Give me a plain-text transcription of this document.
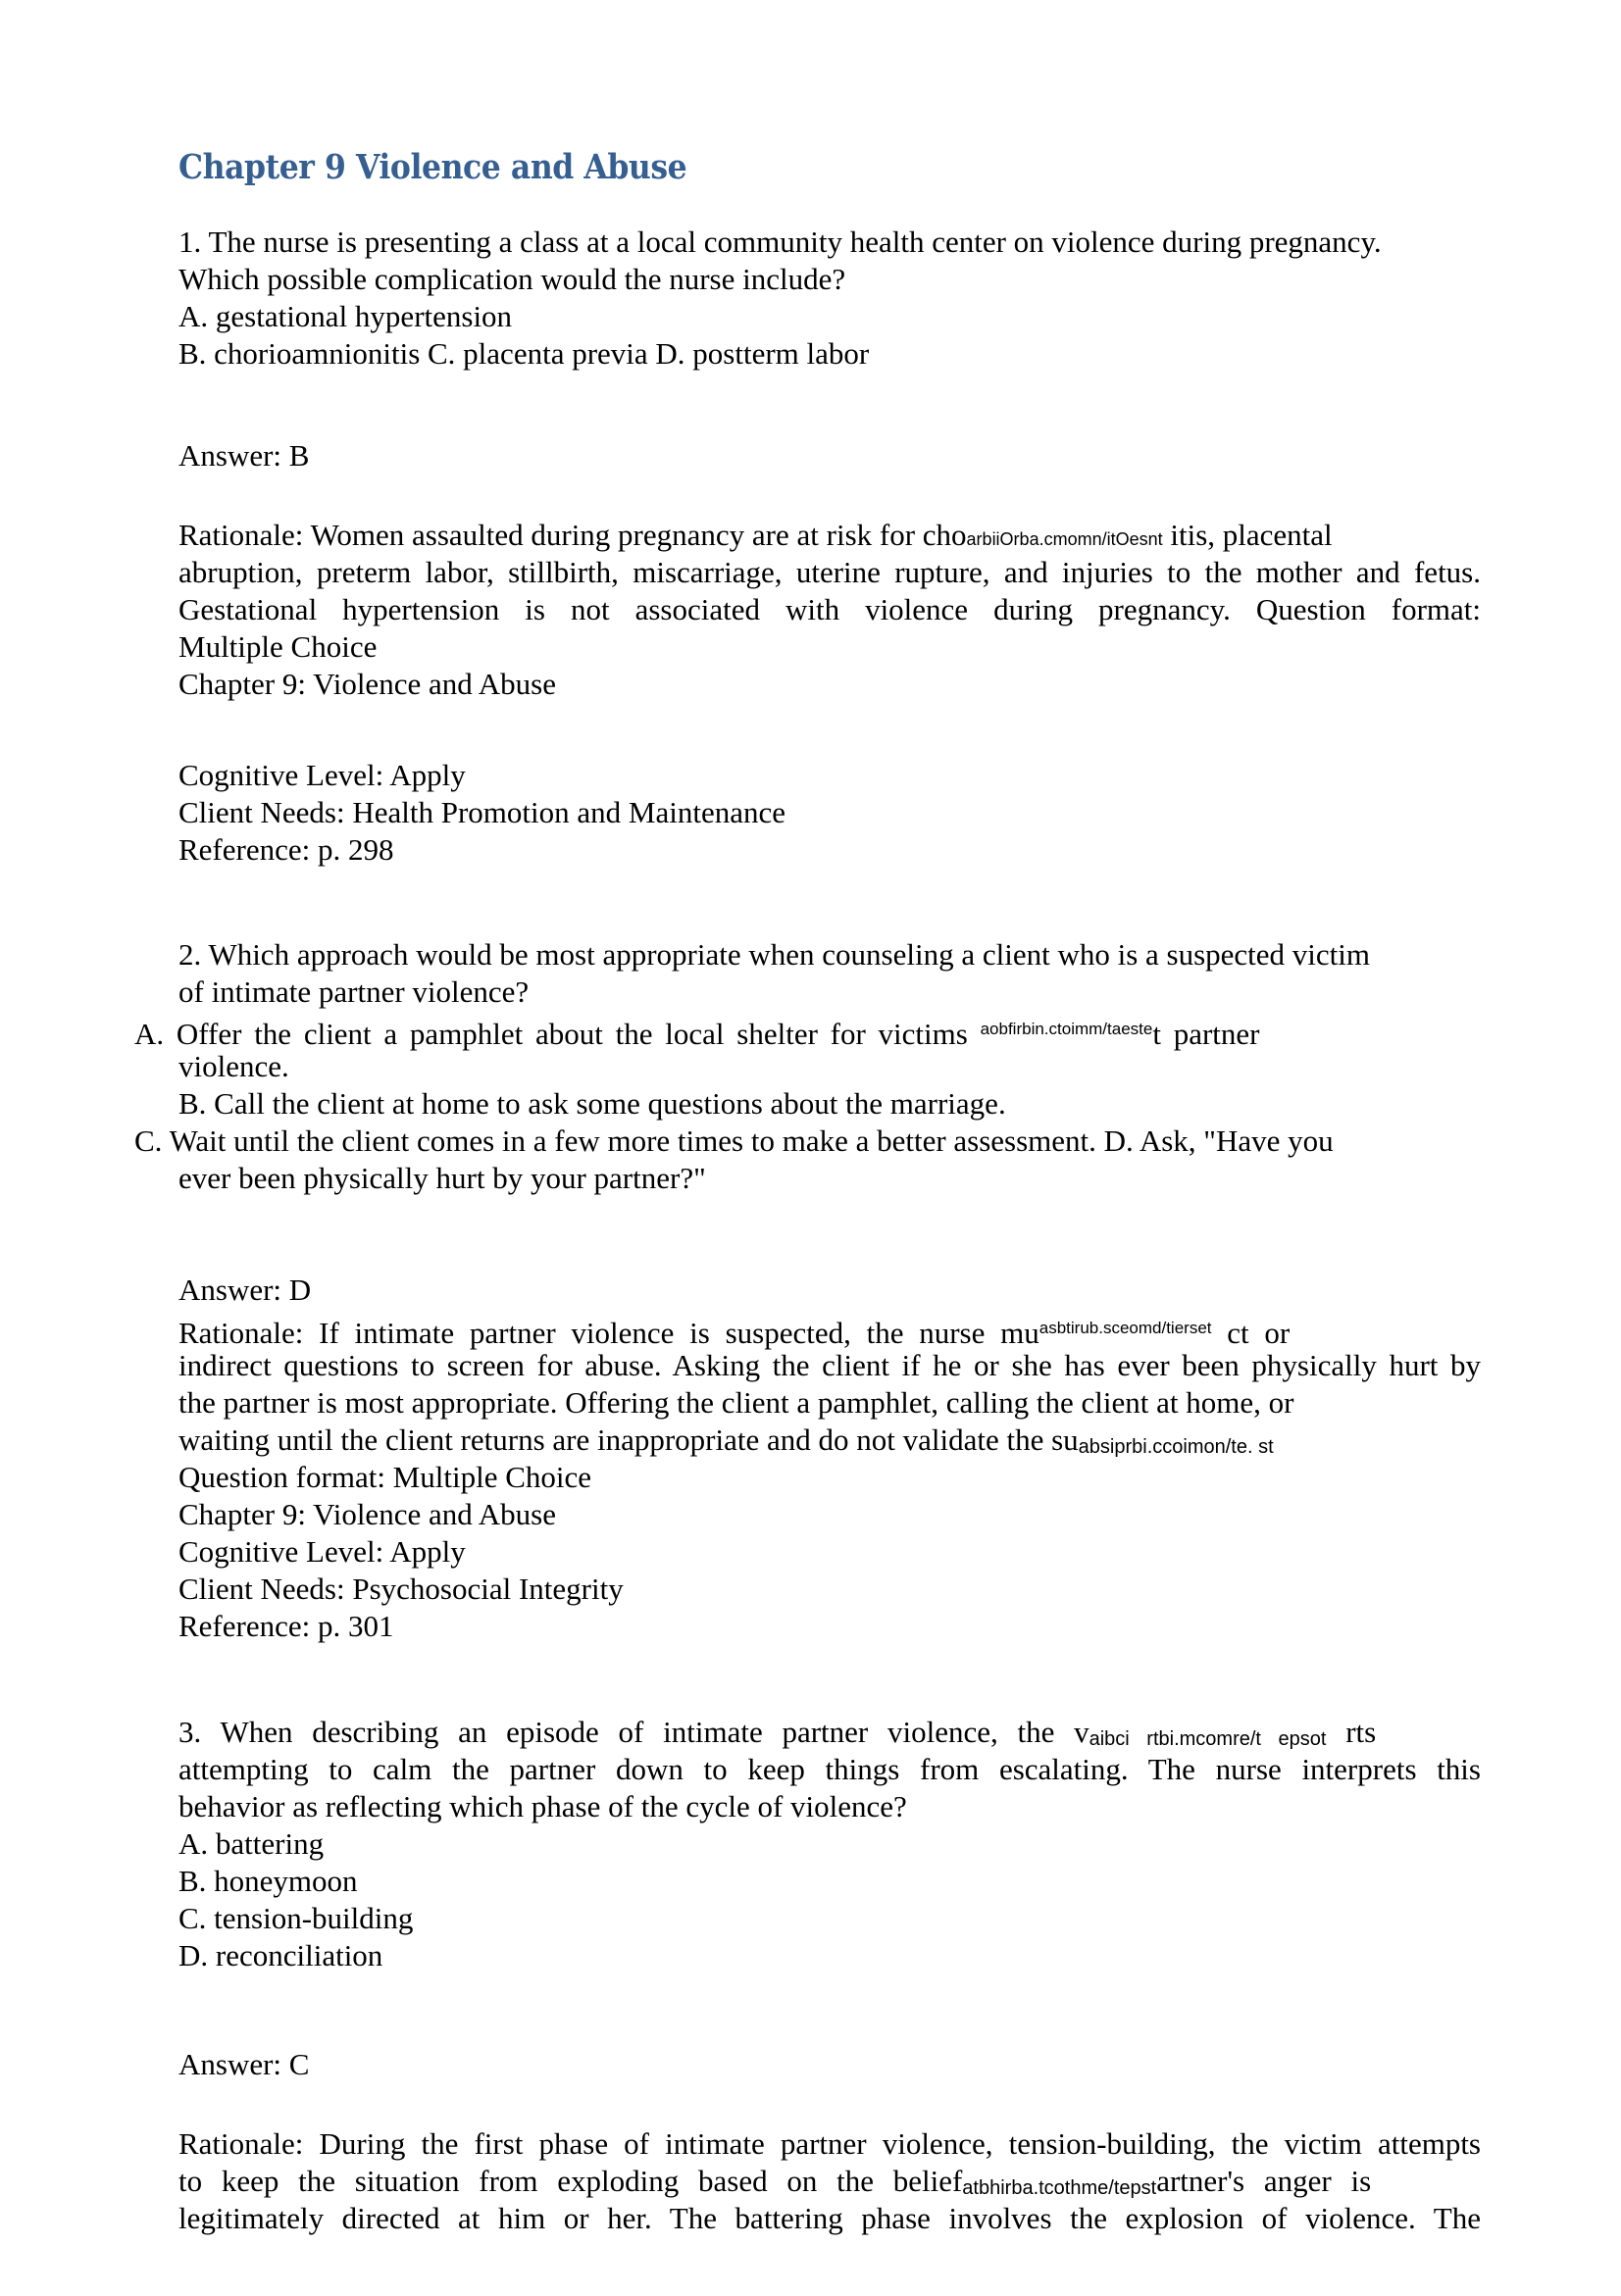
Chapter 9 Violence and Abuse
1. The nurse is presenting a class at a local community health center on violence during pregnancy.
Which possible complication would the nurse include?
A. gestational hypertension
B. chorioamnionitis C. placenta previa D. postterm labor
Answer: B
Rationale: Women assaulted during pregnancy are at risk for choarbiiOrba.cmomn/itOesnt itis, placental
abruption, preterm labor, stillbirth, miscarriage, uterine rupture, and injuries to the mother and fetus.
Gestational hypertension is not associated with violence during pregnancy. Question format:
Multiple Choice
Chapter 9: Violence and Abuse
Cognitive Level: Apply
Client Needs: Health Promotion and Maintenance
Reference: p. 298
2. Which approach would be most appropriate when counseling a client who is a suspected victim
of intimate partner violence?
A. Offer the client a pamphlet about the local shelter for victims $^{aobfirbin.ctoimm/taeste}$t partner
violence.
B. Call the client at home to ask some questions about the marriage.
C. Wait until the client comes in a few more times to make a better assessment. D. Ask, "Have you
ever been physically hurt by your partner?"
Answer: D
Rationale: If intimate partner violence is suspected, the nurse $mu^{asbtirub.sceomd/tierset}$ ct or
indirect questions to screen for abuse. Asking the client if he or she has ever been physically hurt by
the partner is most appropriate. Offering the client a pamphlet, calling the client at home, or
waiting until the client returns are inappropriate and do not validate the suabsiprbi.ccoimon/te. st
Question format: Multiple Choice
Chapter 9: Violence and Abuse
Cognitive Level: Apply
Client Needs: Psychosocial Integrity
Reference: p. 301
3. When describing an episode of intimate partner violence, the vaibci rtbi.mcomre/t epsot rts
attempting to calm the partner down to keep things from escalating. The nurse interprets this
behavior as reflecting which phase of the cycle of violence?
A. battering
B. honeymoon
C. tension-building
D. reconciliation
Answer: C
Rationale: During the first phase of intimate partner violence, tension-building, the victim attempts
to keep the situation from exploding based on the beliefatbhirba.tcothme/tepstartner's anger is
legitimately directed at him or her. The battering phase involves the explosion of violence. The
